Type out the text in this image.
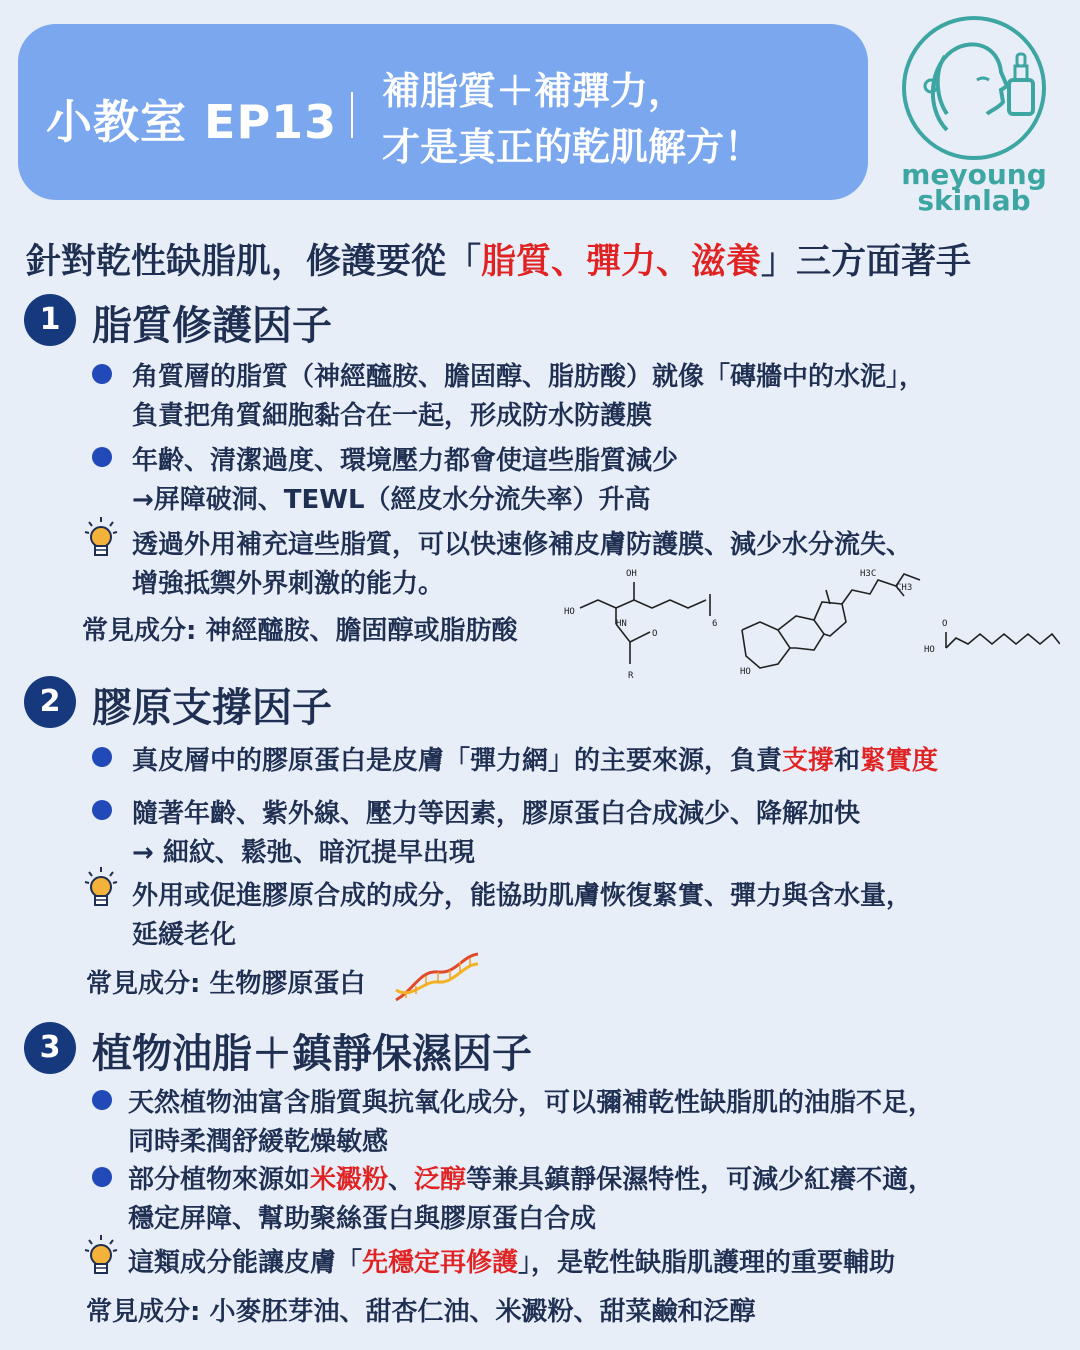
小教室 EP13
補脂質＋補彈力，
才是真正的乾肌解方！
meyoung
skinlab
針對乾性缺脂肌，修護要從「脂質、彈力、滋養」三方面著手
1 脂質修護因子
角質層的脂質（神經醯胺、膽固醇、脂肪酸）就像「磚牆中的水泥」，
負責把角質細胞黏合在一起，形成防水防護膜
年齡、清潔過度、環境壓力都會使這些脂質減少
→屏障破洞、TEWL（經皮水分流失率）升高
透過外用補充這些脂質，可以快速修補皮膚防護膜、減少水分流失、
增強抵禦外界刺激的能力。
常見成分: 神經醯胺、膽固醇或脂肪酸
OH
HO
HN
O
R
6
H3C
CH3
HO
O
HO
2 膠原支撐因子
真皮層中的膠原蛋白是皮膚「彈力網」的主要來源，負責支撐和緊實度
隨著年齡、紫外線、壓力等因素，膠原蛋白合成減少、降解加快
→ 細紋、鬆弛、暗沉提早出現
外用或促進膠原合成的成分，能協助肌膚恢復緊實、彈力與含水量，
延緩老化
常見成分: 生物膠原蛋白
3 植物油脂＋鎮靜保濕因子
天然植物油富含脂質與抗氧化成分，可以彌補乾性缺脂肌的油脂不足，
同時柔潤舒緩乾燥敏感
部分植物來源如米澱粉、泛醇等兼具鎮靜保濕特性，可減少紅癢不適，
穩定屏障、幫助聚絲蛋白與膠原蛋白合成
這類成分能讓皮膚「先穩定再修護」，是乾性缺脂肌護理的重要輔助
常見成分: 小麥胚芽油、甜杏仁油、米澱粉、甜菜鹼和泛醇
